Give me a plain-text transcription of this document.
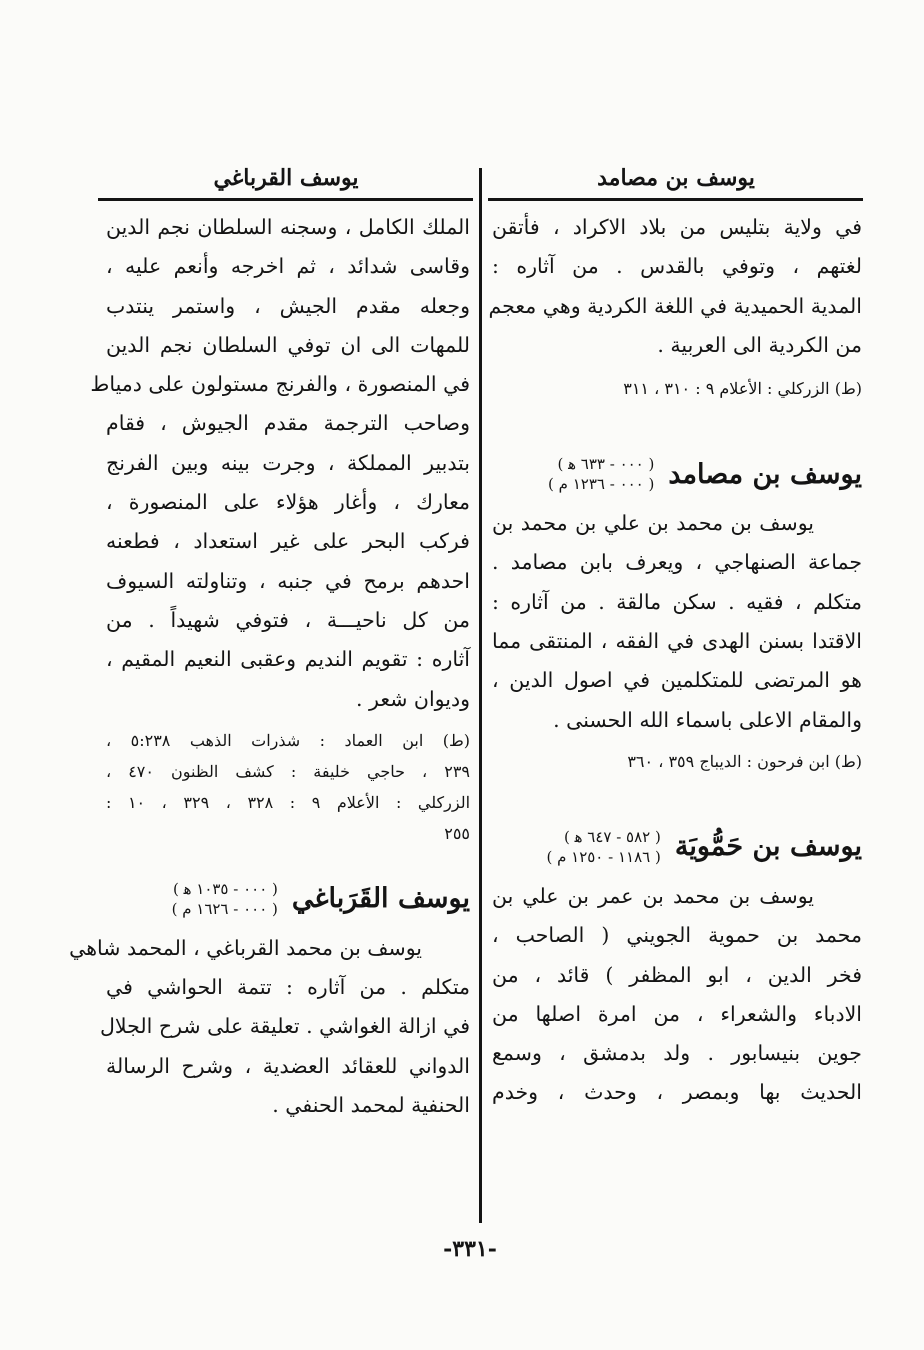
يوسف بن مصامد
يوسف القرباغي
في ولاية بتليس من بلاد الاكراد ، فأتقن
لغتهم ، وتوفي بالقدس . من آثاره :
المدية الحميدية في اللغة الكردية وهي معجم
من الكردية الى العربية .
(ط) الزركلي : الأعلام ٩ : ٣١٠ ، ٣١١
يوسف بن مصامد
( ٠٠٠ - ٦٣٣ ﻫ )
( ٠٠٠ - ١٢٣٦ م )
يوسف بن محمد بن علي بن محمد بن
جماعة الصنهاجي ، ويعرف بابن مصامد .
متكلم ، فقيه . سكن مالقة . من آثاره :
الاقتدا بسنن الهدى في الفقه ، المنتقى مما
هو المرتضى للمتكلمين في اصول الدين ،
والمقام الاعلى باسماء الله الحسنى .
(ط) ابن فرحون : الديباج ٣٥٩ ، ٣٦٠
يوسف بن حَمُّويَة
( ٥٨٢ - ٦٤٧ ﻫ )
( ١١٨٦ - ١٢٥٠ م )
يوسف بن محمد بن عمر بن علي بن
محمد بن حموية الجويني ( الصاحب ،
فخر الدين ، ابو المظفر ) قائد ، من
الادباء والشعراء ، من امرة اصلها من
جوين بنيسابور . ولد بدمشق ، وسمع
الحديث بها وبمصر ، وحدث ، وخدم
الملك الكامل ، وسجنه السلطان نجم الدين
وقاسى شدائد ، ثم اخرجه وأنعم عليه ،
وجعله مقدم الجيش ، واستمر ينتدب
للمهات الى ان توفي السلطان نجم الدين
في المنصورة ، والفرنج مستولون على دمياط
وصاحب الترجمة مقدم الجيوش ، فقام
بتدبير المملكة ، وجرت بينه وبين الفرنج
معارك ، وأغار هؤلاء على المنصورة ،
فركب البحر على غير استعداد ، فطعنه
احدهم برمح في جنبه ، وتناولته السيوف
من كل ناحيـــة ، فتوفي شهيداً . من
آثاره : تقويم النديم وعقبى النعيم المقيم ،
وديوان شعر .
(ط) ابن العماد : شذرات الذهب ٥:٢٣٨ ،
٢٣٩ ، حاجي خليفة : كشف الظنون ٤٧٠ ،
الزركلي : الأعلام ٩ : ٣٢٨ ، ٣٢٩ ، ١٠ :
٢٥٥
يوسف القَرَباغي
( ٠٠٠ - ١٠٣٥ ﻫ )
( ٠٠٠ - ١٦٢٦ م )
يوسف بن محمد القرباغي ، المحمد شاهي
متكلم . من آثاره : تتمة الحواشي في
في ازالة الغواشي . تعليقة على شرح الجلال
الدواني للعقائد العضدية ، وشرح الرسالة
الحنفية لمحمد الحنفي .
-٣٣١-
